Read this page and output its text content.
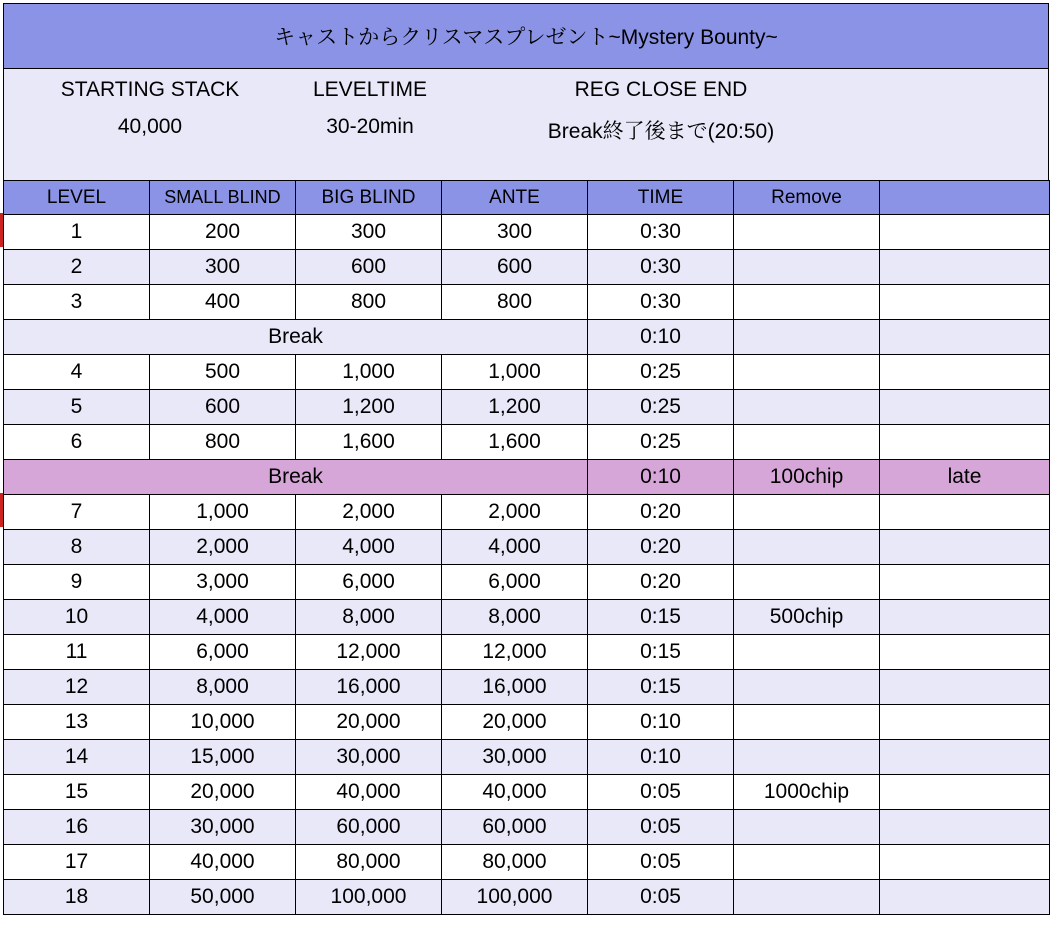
キャストからクリスマスプレゼント~Mystery Bounty~
STARTING STACK
40,000
LEVELTIME
30-20min
REG CLOSE END
Break終了後まで(20:50)
LEVEL	SMALL BLIND	BIG BLIND	ANTE	TIME	Remove	
1	200	300	300	0:30		
2	300	600	600	0:30		
3	400	800	800	0:30		
Break				0:10		
4	500	1,000	1,000	0:25		
5	600	1,200	1,200	0:25		
6	800	1,600	1,600	0:25		
Break				0:10	100chip	late
7	1,000	2,000	2,000	0:20		
8	2,000	4,000	4,000	0:20		
9	3,000	6,000	6,000	0:20		
10	4,000	8,000	8,000	0:15	500chip	
11	6,000	12,000	12,000	0:15		
12	8,000	16,000	16,000	0:15		
13	10,000	20,000	20,000	0:10		
14	15,000	30,000	30,000	0:10		
15	20,000	40,000	40,000	0:05	1000chip	
16	30,000	60,000	60,000	0:05		
17	40,000	80,000	80,000	0:05		
18	50,000	100,000	100,000	0:05		
